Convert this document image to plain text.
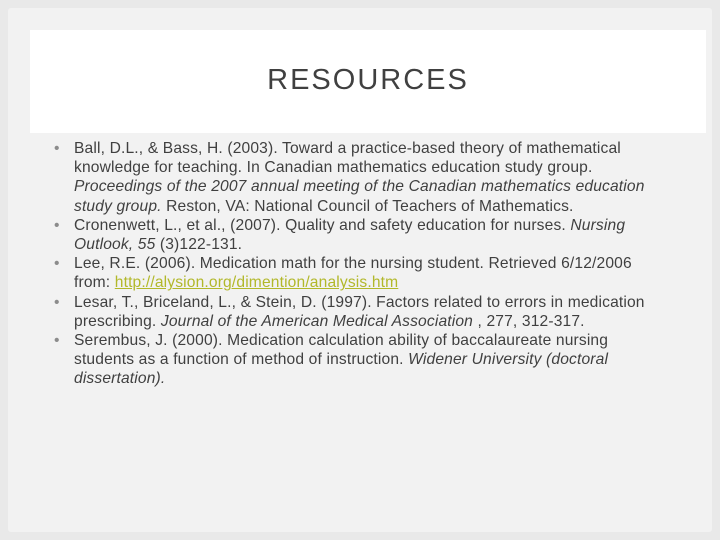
RESOURCES
• Ball, D.L., & Bass, H. (2003). Toward a practice-based theory of mathematical knowledge for teaching. In Canadian mathematics education study group. Proceedings of the 2007 annual meeting of the Canadian mathematics education study group. Reston, VA: National Council of Teachers of Mathematics.
• Cronenwett, L., et al., (2007). Quality and safety education for nurses. Nursing Outlook, 55 (3)122-131.
• Lee, R.E. (2006). Medication math for the nursing student. Retrieved 6/12/2006 from: http://alysion.org/dimention/analysis.htm
• Lesar, T., Briceland, L., & Stein, D. (1997). Factors related to errors in medication prescribing. Journal of the American Medical Association , 277, 312-317.
• Serembus, J. (2000). Medication calculation ability of baccalaureate nursing students as a function of method of instruction. Widener University (doctoral dissertation).
